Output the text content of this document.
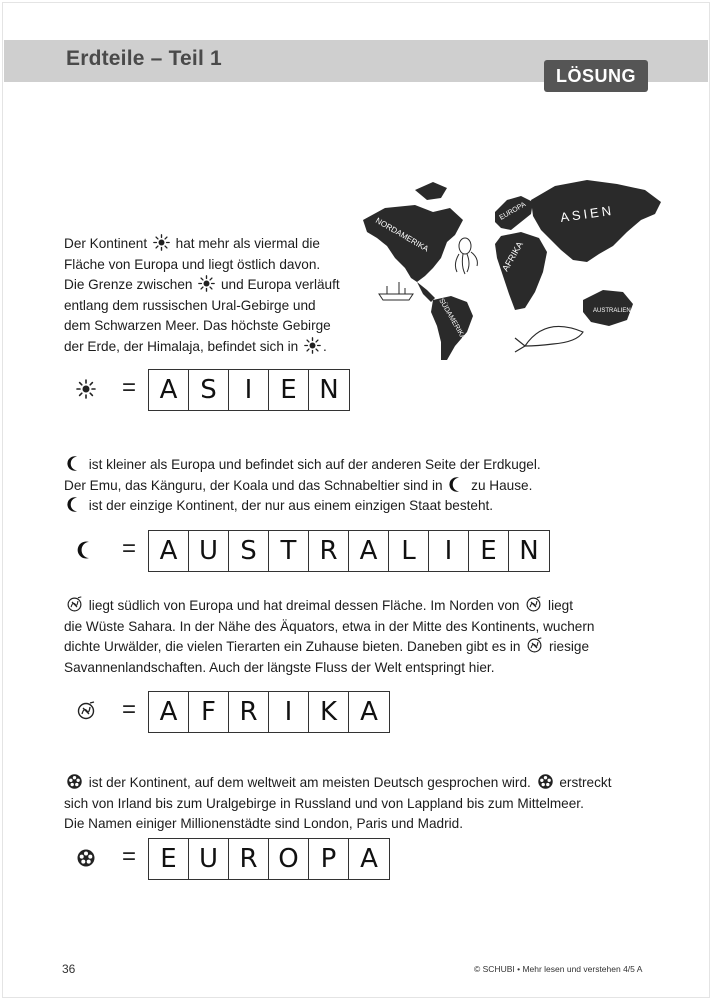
Erdteile – Teil 1
LÖSUNG
NORDAMERIKA
SÜDAMERIKA
EUROPA
AFRIKA
ASIEN
AUSTRALIEN
Der Kontinent
hat mehr als viermal die
Fläche von Europa und liegt östlich davon.
Die Grenze zwischen
und Europa verläuft
entlang dem russischen Ural-Gebirge und
dem Schwarzen Meer. Das höchste Gebirge
der Erde, der Himalaja, befindet sich in
.
= A S	I	E N
ist kleiner als Europa und befindet sich auf der anderen Seite der Erdkugel.
Der Emu, das Känguru, der Koala und das Schnabeltier sind in
zu Hause.

ist der einzige Kontinent, der nur aus einem einzigen Staat besteht.
= A U S T R A L	I	E N
liegt südlich von Europa und hat dreimal dessen Fläche. Im Norden von
liegt
die Wüste Sahara. In der Nähe des Äquators, etwa in der Mitte des Kontinents, wuchern
dichte Urwälder, die vielen Tierarten ein Zuhause bieten. Daneben gibt es in
riesige
Savannenlandschaften. Auch der längste Fluss der Welt entspringt hier.
= A F R	I	K A
ist der Kontinent, auf dem weltweit am meisten Deutsch gesprochen wird.
erstreckt
sich von Irland bis zum Uralgebirge in Russland und von Lappland bis zum Mittelmeer.
Die Namen einiger Millionenstädte sind London, Paris und Madrid.
= E U R O P A
36	© SCHUBI • Mehr lesen und verstehen 4/5 A
